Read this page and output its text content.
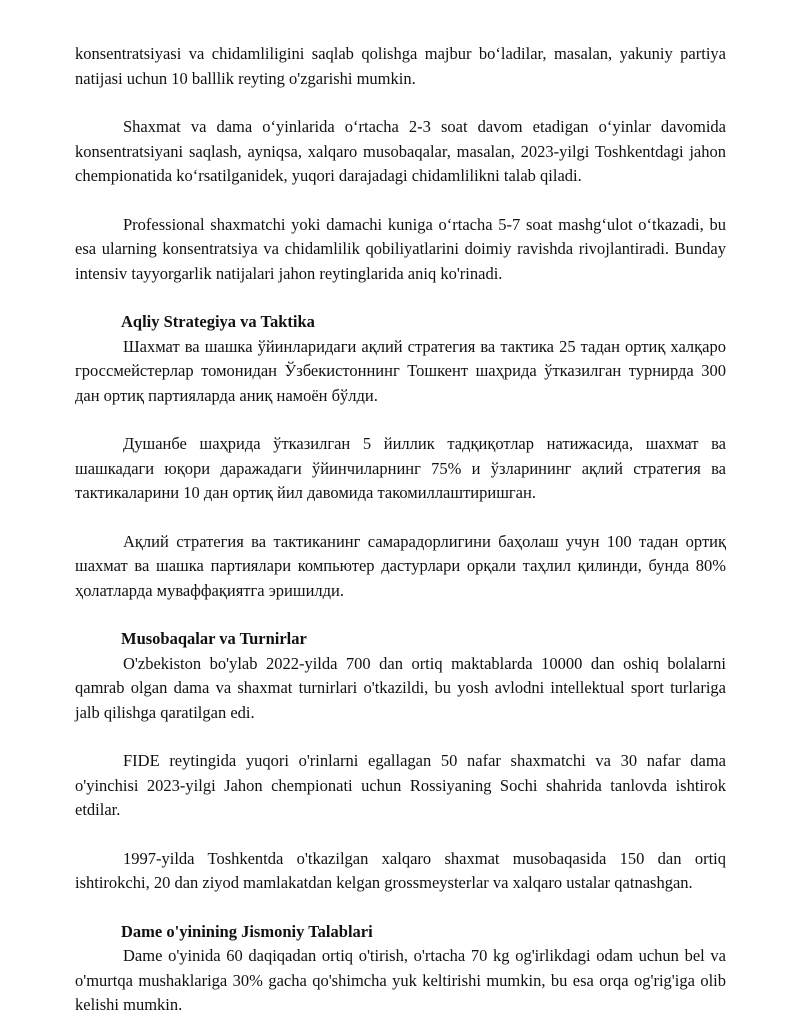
konsentratsiyasi va chidamliligini saqlab qolishga majbur bo‘ladilar, masalan, yakuniy partiya natijasi uchun 10 balllik reyting o'zgarishi mumkin.

Shaxmat va dama o‘yinlarida o‘rtacha 2-3 soat davom etadigan o‘yinlar davomida konsentratsiyani saqlash, ayniqsa, xalqaro musobaqalar, masalan, 2023-yilgi Toshkentdagi jahon chempionatida ko‘rsatilganidek, yuqori darajadagi chidamlilikni talab qiladi.

Professional shaxmatchi yoki damachi kuniga o‘rtacha 5-7 soat mashg‘ulot o‘tkazadi, bu esa ularning konsentratsiya va chidamlilik qobiliyatlarini doimiy ravishda rivojlantiradi. Bunday intensiv tayyorgarlik natijalari jahon reytinglarida aniq ko'rinadi.

Aqliy Strategiya va Taktika

Шахмат ва шашка ўйинларидаги ақлий стратегия ва тактика 25 тадан ортиқ халқаро гроссмейстерлар томонидан Ўзбекистоннинг Тошкент шаҳрида ўтказилган турнирда 300 дан ортиқ партияларда аниқ намоён бўлди.

Душанбе шаҳрида ўтказилган 5 йиллик тадқиқотлар натижасида, шахмат ва шашкадаги юқори даражадаги ўйинчиларнинг 75% и ўзларининг ақлий стратегия ва тактикаларини 10 дан ортиқ йил давомида такомиллаштиришган.

Ақлий стратегия ва тактиканинг самарадорлигини баҳолаш учун 100 тадан ортиқ шахмат ва шашка партиялари компьютер дастурлари орқали таҳлил қилинди, бунда 80% ҳолатларда муваффақиятга эришилди.

Musobaqalar va Turnirlar

O'zbekiston bo'ylab 2022-yilda 700 dan ortiq maktablarda 10000 dan oshiq bolalarni qamrab olgan dama va shaxmat turnirlari o'tkazildi, bu yosh avlodni intellektual sport turlariga jalb qilishga qaratilgan edi.

FIDE reytingida yuqori o'rinlarni egallagan 50 nafar shaxmatchi va 30 nafar dama o'yinchisi 2023-yilgi Jahon chempionati uchun Rossiyaning Sochi shahrida tanlovda ishtirok etdilar.

1997-yilda Toshkentda o'tkazilgan xalqaro shaxmat musobaqasida 150 dan ortiq ishtirokchi, 20 dan ziyod mamlakatdan kelgan grossmeysterlar va xalqaro ustalar qatnashgan.

Dame o'yinining Jismoniy Talablari

Dame o'yinida 60 daqiqadan ortiq o'tirish, o'rtacha 70 kg og'irlikdagi odam uchun bel va o'murtqa mushaklariga 30% gacha qo'shimcha yuk keltirishi mumkin, bu esa orqa og'rig'iga olib kelishi mumkin.
